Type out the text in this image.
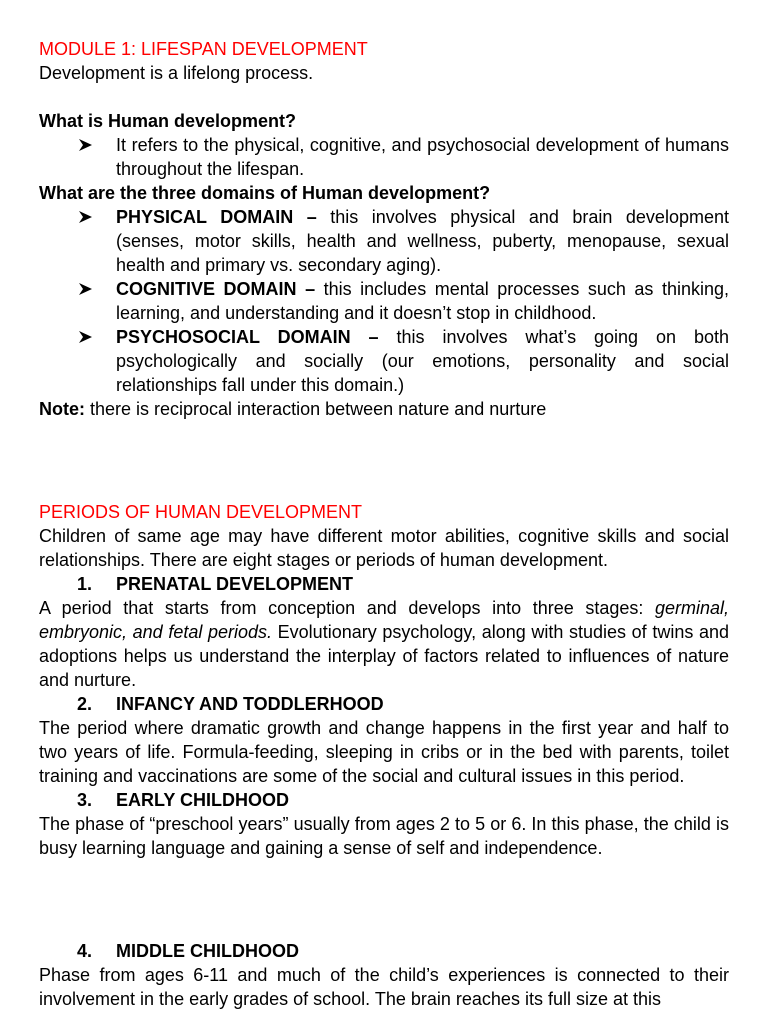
MODULE 1: LIFESPAN DEVELOPMENT
Development is a lifelong process.
What is Human development?
It refers to the physical, cognitive, and psychosocial development of humans throughout the lifespan.
What are the three domains of Human development?
PHYSICAL DOMAIN – this involves physical and brain development (senses, motor skills, health and wellness, puberty, menopause, sexual health and primary vs. secondary aging).
COGNITIVE DOMAIN – this includes mental processes such as thinking, learning, and understanding and it doesn’t stop in childhood.
PSYCHOSOCIAL DOMAIN – this involves what’s going on both psychologically and socially (our emotions, personality and social relationships fall under this domain.)
Note: there is reciprocal interaction between nature and nurture
PERIODS OF HUMAN DEVELOPMENT
Children of same age may have different motor abilities, cognitive skills and social relationships. There are eight stages or periods of human development.
1. PRENATAL DEVELOPMENT
A period that starts from conception and develops into three stages: germinal, embryonic, and fetal periods. Evolutionary psychology, along with studies of twins and adoptions helps us understand the interplay of factors related to influences of nature and nurture.
2. INFANCY AND TODDLERHOOD
The period where dramatic growth and change happens in the first year and half to two years of life. Formula-feeding, sleeping in cribs or in the bed with parents, toilet training and vaccinations are some of the social and cultural issues in this period.
3. EARLY CHILDHOOD
The phase of “preschool years” usually from ages 2 to 5 or 6. In this phase, the child is busy learning language and gaining a sense of self and independence.
4. MIDDLE CHILDHOOD
Phase from ages 6-11 and much of the child’s experiences is connected to their involvement in the early grades of school. The brain reaches its full size at this
